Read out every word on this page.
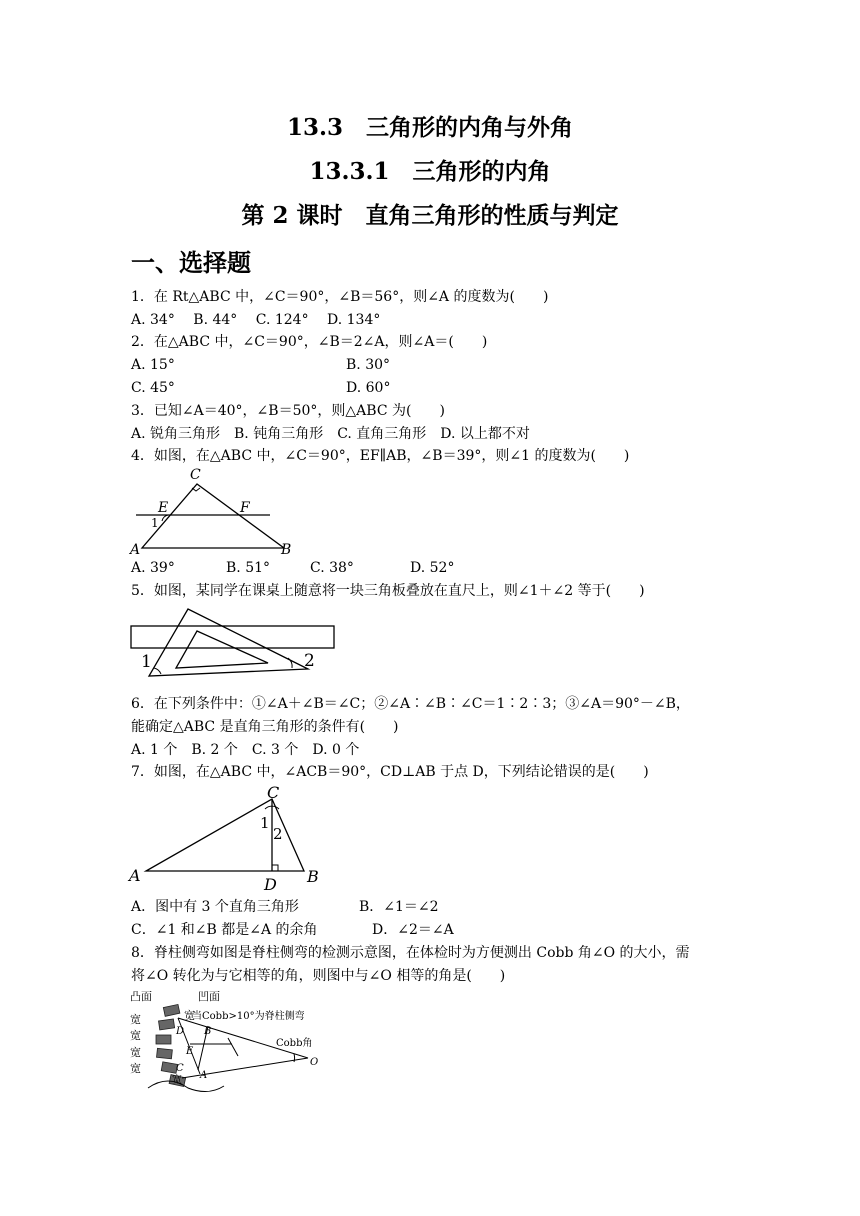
13.3　三角形的内角与外角
13.3.1　三角形的内角
第 2 课时　直角三角形的性质与判定
一、选择题
1．在 Rt△ABC 中，∠C＝90°，∠B＝56°，则∠A 的度数为(　　)
A. 34°　 B. 44°　 C. 124°　 D. 134°
2．在△ABC 中，∠C＝90°，∠B＝2∠A，则∠A＝(　　)
A. 15°	B. 30°
C. 45°	D. 60°
3．已知∠A＝40°，∠B＝50°，则△ABC 为(　　)
A. 锐角三角形　B. 钝角三角形　C. 直角三角形　D. 以上都不对
4．如图，在△ABC 中，∠C＝90°，EF∥AB，∠B＝39°，则∠1 的度数为(　　)
C
E	F
1
A	B
A. 39°	B. 51°	C. 38°	D. 52°
5．如图，某同学在课桌上随意将一块三角板叠放在直尺上，则∠1＋∠2 等于(　　)
1	2
6．在下列条件中：①∠A＋∠B＝∠C；②∠A∶∠B∶∠C＝1∶2∶3；③∠A＝90°－∠B，
能确定△ABC 是直角三角形的条件有(　　)
A. 1 个　B. 2 个　C. 3 个　D. 0 个
7．如图，在△ABC 中，∠ACB＝90°，CD⊥AB 于点 D，下列结论错误的是(　　)
C
1
2
A	D B
A．图中有 3 个直角三角形	B．∠1＝∠2
C．∠1 和∠B 都是∠A 的余角	D．∠2＝∠A
8．脊柱侧弯如图是脊柱侧弯的检测示意图，在体检时为方便测出 Cobb 角∠O 的大小，需
将∠O 转化为与它相等的角，则图中与∠O 相等的角是(　　)
凸面	凹面
宽
宽
宽
宽
宽
当Cobb>10°为脊柱侧弯
宽
Cobb角
D B
E
C
A
O
